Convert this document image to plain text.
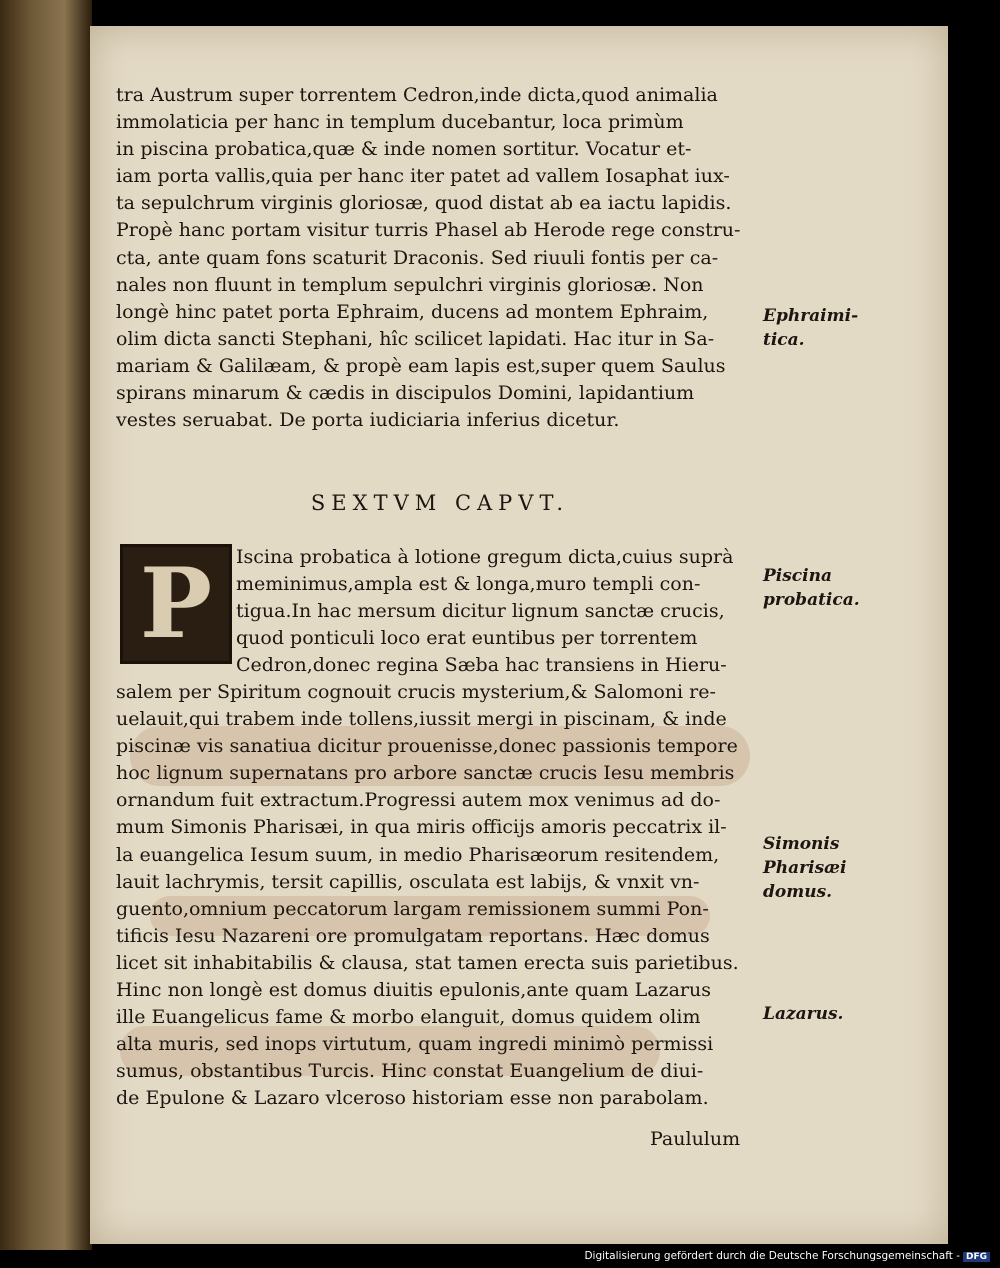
tra Austrum super torrentem Cedron,inde dicta,quod animalia
immolaticia per hanc in templum ducebantur, loca primùm
in piscina probatica,quæ & inde nomen sortitur. Vocatur et-
iam porta vallis,quia per hanc iter patet ad vallem Iosaphat iux-
ta sepulchrum virginis gloriosæ, quod distat ab ea iactu lapidis.
Propè hanc portam visitur turris Phasel ab Herode rege constru-
cta, ante quam fons scaturit Draconis. Sed riuuli fontis per ca-
nales non fluunt in templum sepulchri virginis gloriosæ. Non
longè hinc patet porta Ephraim, ducens ad montem Ephraim,
olim dicta sancti Stephani, hîc scilicet lapidati. Hac itur in Sa-
mariam & Galilæam, & propè eam lapis est,super quem Saulus
spirans minarum & cædis in discipulos Domini, lapidantium
vestes seruabat. De porta iudiciaria inferius dicetur.
SEXTVM CAPVT.
P Iscina probatica à lotione gregum dicta,cuius suprà
meminimus,ampla est & longa,muro templi con-
tigua.In hac mersum dicitur lignum sanctæ crucis,
quod ponticuli loco erat euntibus per torrentem
Cedron,donec regina Sæba hac transiens in Hieru-
salem per Spiritum cognouit crucis mysterium,& Salomoni re-
uelauit,qui trabem inde tollens,iussit mergi in piscinam, & inde
piscinæ vis sanatiua dicitur prouenisse,donec passionis tempore
hoc lignum supernatans pro arbore sanctæ crucis Iesu membris
ornandum fuit extractum.Progressi autem mox venimus ad do-
mum Simonis Pharisæi, in qua miris officijs amoris peccatrix il-
la euangelica Iesum suum, in medio Pharisæorum resitendem,
lauit lachrymis, tersit capillis, osculata est labijs, & vnxit vn-
guento,omnium peccatorum largam remissionem summi Pon-
tificis Iesu Nazareni ore promulgatam reportans. Hæc domus
licet sit inhabitabilis & clausa, stat tamen erecta suis parietibus.
Hinc non longè est domus diuitis epulonis,ante quam Lazarus
ille Euangelicus fame & morbo elanguit, domus quidem olim
alta muris, sed inops virtutum, quam ingredi minimò permissi
sumus, obstantibus Turcis. Hinc constat Euangelium de diui-
de Epulone & Lazaro vlceroso historiam esse non parabolam.
Paululum
Ephraimi-
tica.
Piscina
probatica.
Simonis
Pharisæi
domus.
Lazarus.
Digitalisierung gefördert durch die Deutsche Forschungsgemeinschaft - DFG
